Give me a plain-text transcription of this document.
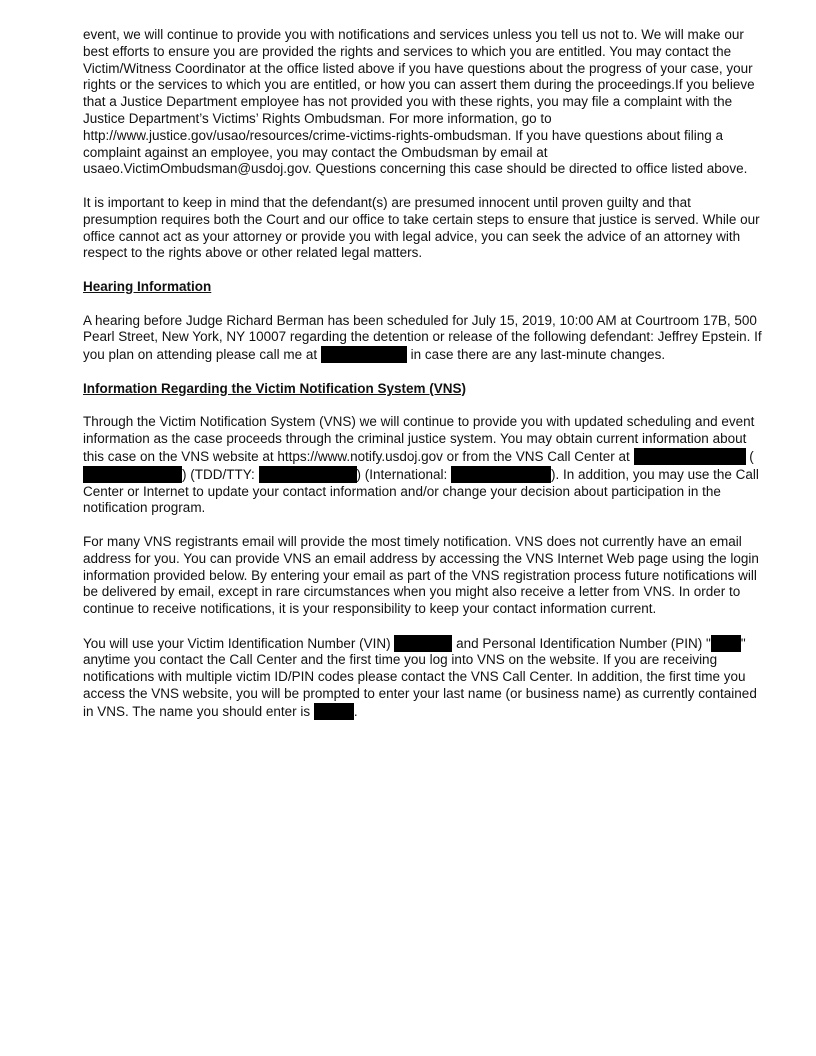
event, we will continue to provide you with notifications and services unless you tell us not to. We will make our best efforts to ensure you are provided the rights and services to which you are entitled. You may contact the Victim/Witness Coordinator at the office listed above if you have questions about the progress of your case, your rights or the services to which you are entitled, or how you can assert them during the proceedings.If you believe that a Justice Department employee has not provided you with these rights, you may file a complaint with the Justice Department’s Victims’ Rights Ombudsman. For more information, go to http://www.justice.gov/usao/resources/crime-victims-rights-ombudsman. If you have questions about filing a complaint against an employee, you may contact the Ombudsman by email at usaeo.VictimOmbudsman@usdoj.gov. Questions concerning this case should be directed to office listed above.

It is important to keep in mind that the defendant(s) are presumed innocent until proven guilty and that presumption requires both the Court and our office to take certain steps to ensure that justice is served. While our office cannot act as your attorney or provide you with legal advice, you can seek the advice of an attorney with respect to the rights above or other related legal matters.

Hearing Information

A hearing before Judge Richard Berman has been scheduled for July 15, 2019, 10:00 AM at Courtroom 17B, 500 Pearl Street, New York, NY 10007 regarding the detention or release of the following defendant: Jeffrey Epstein. If you plan on attending please call me at	in case there are any last-minute changes.

Information Regarding the Victim Notification System (VNS)

Through the Victim Notification System (VNS) we will continue to provide you with updated scheduling and event information as the case proceeds through the criminal justice system. You may obtain current information about this case on the VNS website at https://www.notify.usdoj.gov or from the VNS Call Center at	() (TDD/TTY:	) (International:	). In addition, you may use the Call Center or Internet to update your contact information and/or change your decision about participation in the notification program.

For many VNS registrants email will provide the most timely notification. VNS does not currently have an email address for you. You can provide VNS an email address by accessing the VNS Internet Web page using the login information provided below. By entering your email as part of the VNS registration process future notifications will be delivered by email, except in rare circumstances when you might also receive a letter from VNS. In order to continue to receive notifications, it is your responsibility to keep your contact information current.

You will use your Victim Identification Number (VIN)	and Personal Identification Number (PIN) " " anytime you contact the Call Center and the first time you log into VNS on the website. If you are receiving notifications with multiple victim ID/PIN codes please contact the VNS Call Center. In addition, the first time you access the VNS website, you will be prompted to enter your last name (or business name) as currently contained in VNS. The name you should enter is	.
